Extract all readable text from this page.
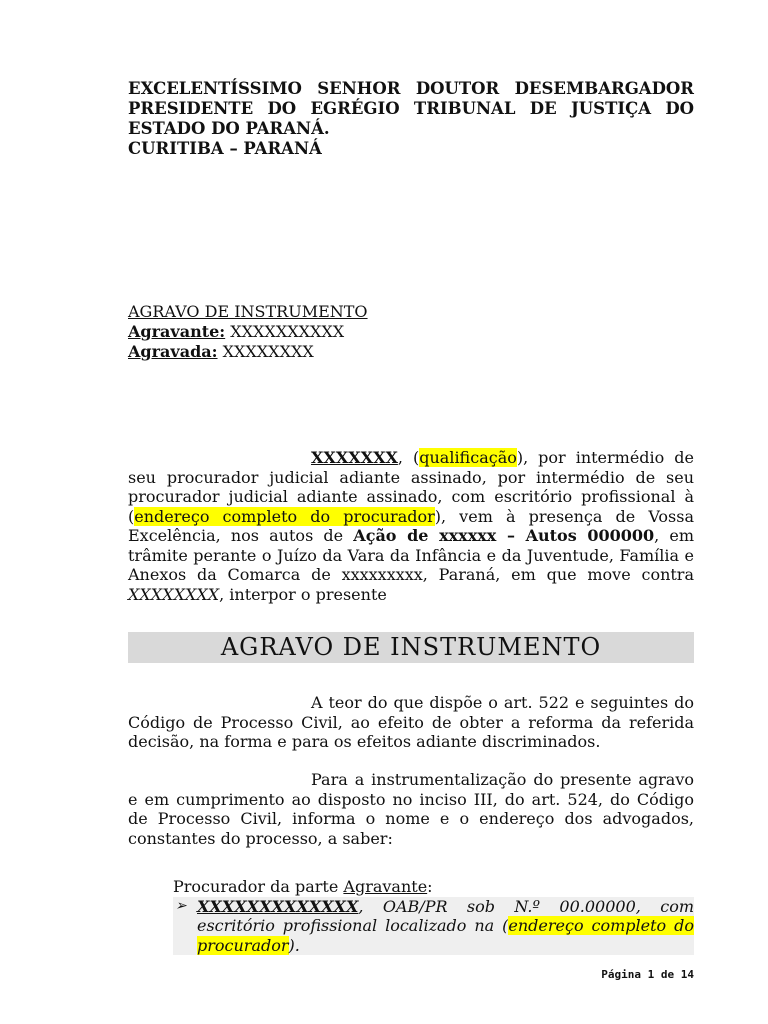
EXCELENTÍSSIMO SENHOR DOUTOR DESEMBARGADOR
PRESIDENTE DO EGRÉGIO TRIBUNAL DE JUSTIÇA DO
ESTADO DO PARANÁ.
CURITIBA – PARANÁ
AGRAVO DE INSTRUMENTO
Agravante: XXXXXXXXXX
Agravada: XXXXXXXX
XXXXXXX, (qualificação), por intermédio de seu procurador judicial adiante assinado, por intermédio de seu procurador judicial adiante assinado, com escritório profissional à (endereço completo do procurador), vem à presença de Vossa Excelência, nos autos de Ação de xxxxxx – Autos 000000, em trâmite perante o Juízo da Vara da Infância e da Juventude, Família e Anexos da Comarca de xxxxxxxxx, Paraná, em que move contra XXXXXXXX, interpor o presente
AGRAVO DE INSTRUMENTO
A teor do que dispõe o art. 522 e seguintes do Código de Processo Civil, ao efeito de obter a reforma da referida decisão, na forma e para os efeitos adiante discriminados.
Para a instrumentalização do presente agravo e em cumprimento ao disposto no inciso III, do art. 524, do Código de Processo Civil, informa o nome e o endereço dos advogados, constantes do processo, a saber:
Procurador da parte Agravante:
➢ XXXXXXXXXXXXX, OAB/PR sob N.º 00.00000, com escritório profissional localizado na (endereço completo do procurador).
Página 1 de 14
